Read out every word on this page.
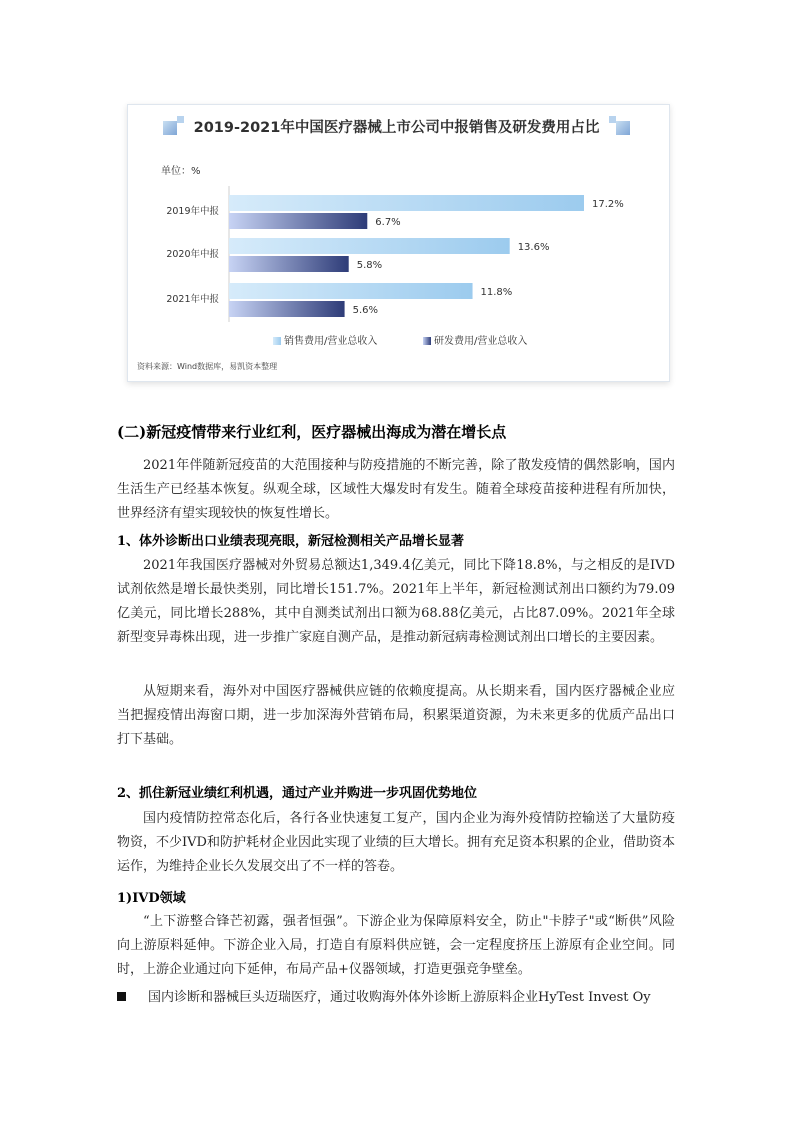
2019-2021年中国医疗器械上市公司中报销售及研发费用占比
单位：%
2019年中报
17.2%
6.7%
2020年中报
13.6%
5.8%
2021年中报
11.8%
5.6%
销售费用/营业总收入	研发费用/营业总收入
资料来源：Wind数据库，易凯资本整理
(二)新冠疫情带来行业红利，医疗器械出海成为潜在增长点

2021年伴随新冠疫苗的大范围接种与防疫措施的不断完善，除了散发疫情的偶然影响，国内生活生产已经基本恢复。纵观全球，区域性大爆发时有发生。随着全球疫苗接种进程有所加快，世界经济有望实现较快的恢复性增长。

1、体外诊断出口业绩表现亮眼，新冠检测相关产品增长显著

2021年我国医疗器械对外贸易总额达1,349.4亿美元，同比下降18.8%，与之相反的是IVD试剂依然是增长最快类别，同比增长151.7%。2021年上半年，新冠检测试剂出口额约为79.09亿美元，同比增长288%，其中自测类试剂出口额为68.88亿美元，占比87.09%。2021年全球新型变异毒株出现，进一步推广家庭自测产品，是推动新冠病毒检测试剂出口增长的主要因素。

从短期来看，海外对中国医疗器械供应链的依赖度提高。从长期来看，国内医疗器械企业应当把握疫情出海窗口期，进一步加深海外营销布局，积累渠道资源，为未来更多的优质产品出口打下基础。

2、抓住新冠业绩红利机遇，通过产业并购进一步巩固优势地位

国内疫情防控常态化后，各行各业快速复工复产，国内企业为海外疫情防控输送了大量防疫物资，不少IVD和防护耗材企业因此实现了业绩的巨大增长。拥有充足资本积累的企业，借助资本运作，为维持企业长久发展交出了不一样的答卷。

1)IVD领域

“上下游整合锋芒初露，强者恒强”。下游企业为保障原料安全，防止"卡脖子"或“断供”风险向上游原料延伸。下游企业入局，打造自有原料供应链，会一定程度挤压上游原有企业空间。同时，上游企业通过向下延伸，布局产品+仪器领域，打造更强竞争壁垒。

国内诊断和器械巨头迈瑞医疗，通过收购海外体外诊断上游原料企业HyTest Invest Oy
